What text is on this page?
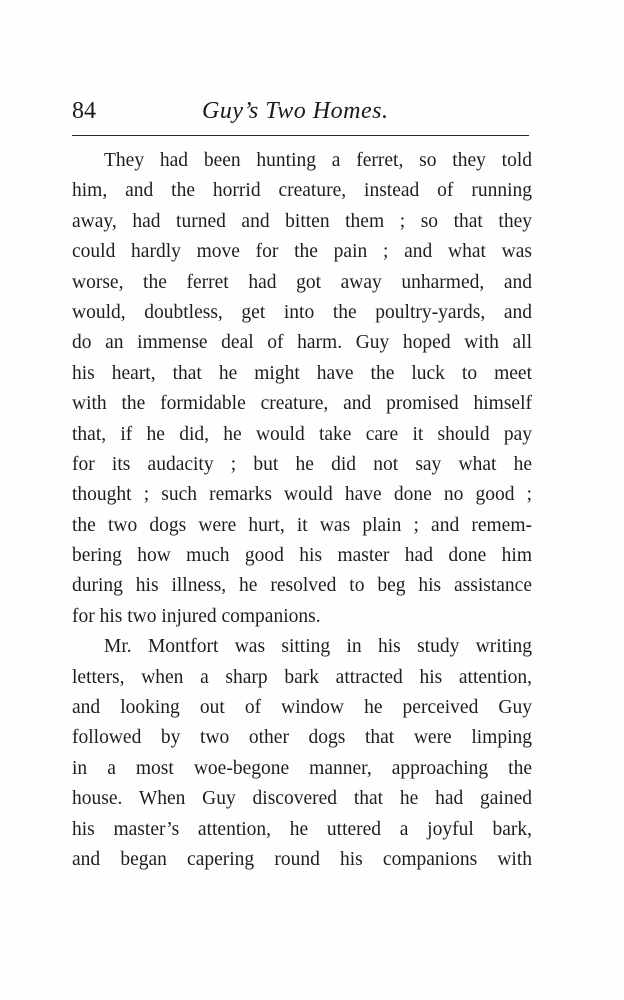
84	Guy’s Two Homes.
They had been hunting a ferret, so they told
him, and the horrid creature, instead of running
away, had turned and bitten them ; so that they
could hardly move for the pain ; and what was
worse, the ferret had got away unharmed, and
would, doubtless, get into the poultry-yards, and
do an immense deal of harm. Guy hoped with all
his heart, that he might have the luck to meet
with the formidable creature, and promised himself
that, if he did, he would take care it should pay
for its audacity ; but he did not say what he
thought ; such remarks would have done no good ;
the two dogs were hurt, it was plain ; and remem-
bering how much good his master had done him
during his illness, he resolved to beg his assistance
for his two injured companions.
Mr. Montfort was sitting in his study writing
letters, when a sharp bark attracted his attention,
and looking out of window he perceived Guy
followed by two other dogs that were limping
in a most woe-begone manner, approaching the
house. When Guy discovered that he had gained
his master’s attention, he uttered a joyful bark,
and began capering round his companions with
